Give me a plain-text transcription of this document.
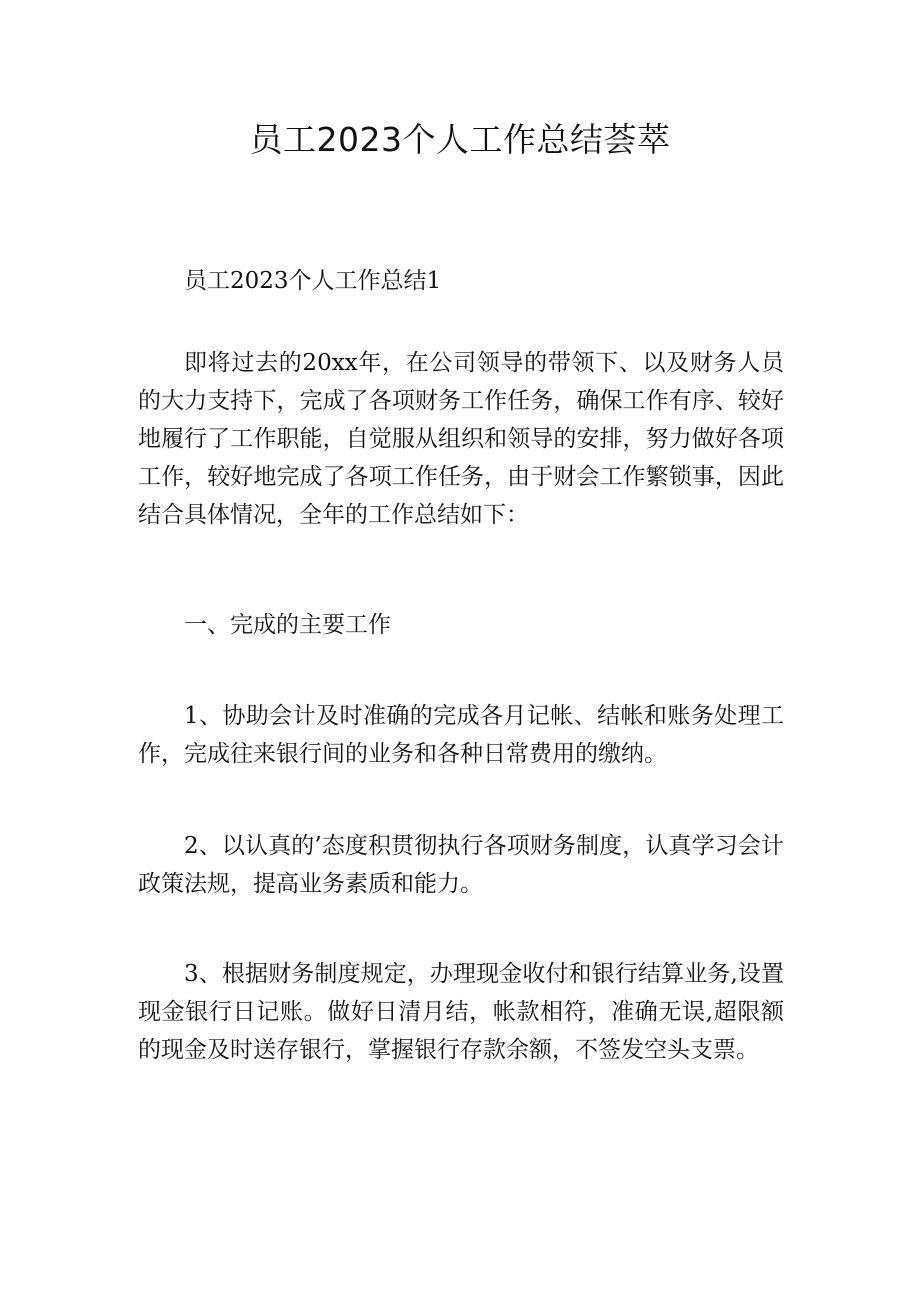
员工2023个人工作总结荟萃

员工2023个人工作总结1

即将过去的20xx年，在公司领导的带领下、以及财务人员的大力支持下，完成了各项财务工作任务，确保工作有序、较好地履行了工作职能，自觉服从组织和领导的安排，努力做好各项工作，较好地完成了各项工作任务，由于财会工作繁锁事，因此结合具体情况，全年的工作总结如下：

一、完成的主要工作

1、协助会计及时准确的完成各月记帐、结帐和账务处理工作，完成往来银行间的业务和各种日常费用的缴纳。

2、以认真的’态度积贯彻执行各项财务制度，认真学习会计政策法规，提高业务素质和能力。

3、根据财务制度规定，办理现金收付和银行结算业务,设置现金银行日记账。做好日清月结，帐款相符，准确无误,超限额的现金及时送存银行，掌握银行存款余额，不签发空头支票。
